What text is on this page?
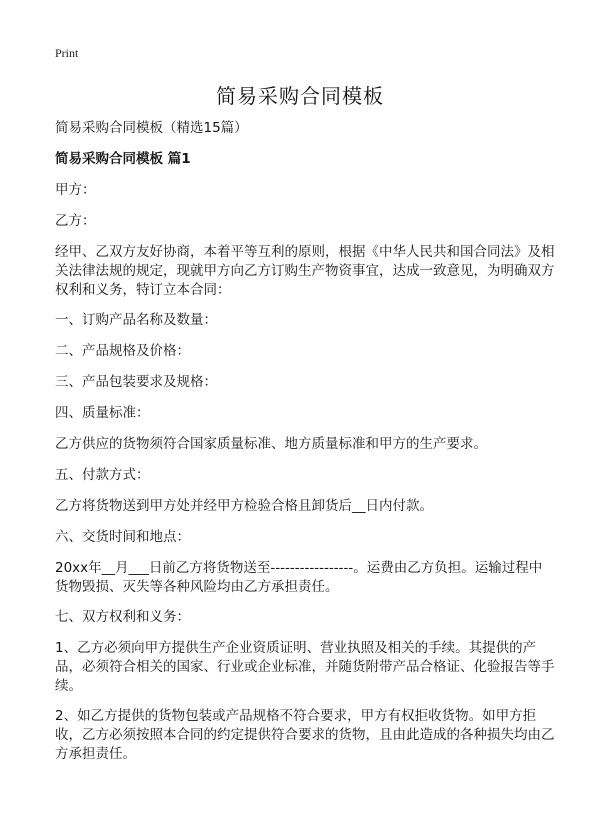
Print
简易采购合同模板

简易采购合同模板（精选15篇）

简易采购合同模板 篇1

甲方：

乙方：

经甲、乙双方友好协商，本着平等互利的原则，根据《中华人民共和国合同法》及相关法律法规的规定，现就甲方向乙方订购生产物资事宜，达成一致意见，为明确双方权利和义务，特订立本合同：

一、订购产品名称及数量：

二、产品规格及价格：

三、产品包装要求及规格：

四、质量标准：

乙方供应的货物须符合国家质量标准、地方质量标准和甲方的生产要求。

五、付款方式：

乙方将货物送到甲方处并经甲方检验合格且卸货后__日内付款。

六、交货时间和地点：

20xx年__月___日前乙方将货物送至-----------------。运费由乙方负担。运输过程中货物毁损、灭失等各种风险均由乙方承担责任。

七、双方权利和义务：

1、乙方必须向甲方提供生产企业资质证明、营业执照及相关的手续。其提供的产品，必须符合相关的国家、行业或企业标准，并随货附带产品合格证、化验报告等手续。

2、如乙方提供的货物包装或产品规格不符合要求，甲方有权拒收货物。如甲方拒收，乙方必须按照本合同的约定提供符合要求的货物，且由此造成的各种损失均由乙方承担责任。
